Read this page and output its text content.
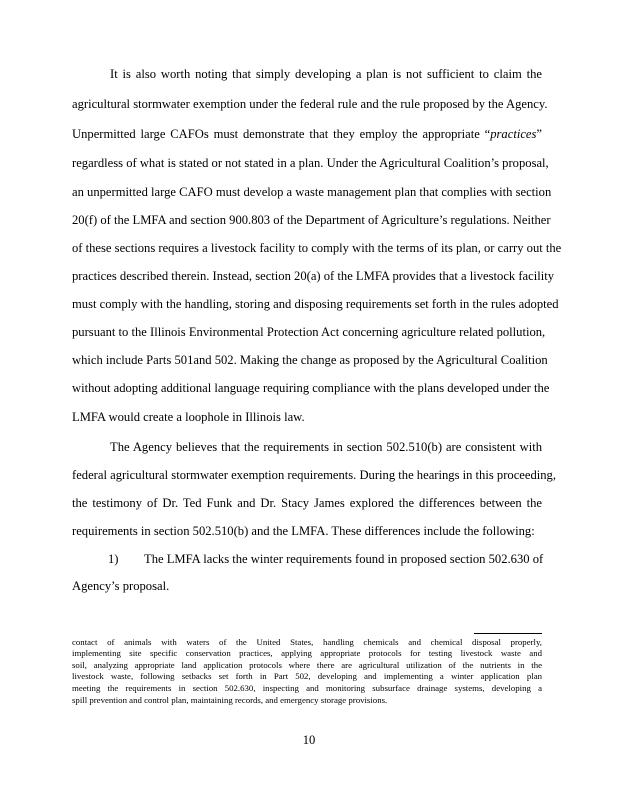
It is also worth noting that simply developing a plan is not sufficient to claim the
agricultural stormwater exemption under the federal rule and the rule proposed by the Agency.
Unpermitted large CAFOs must demonstrate that they employ the appropriate “practices”
regardless of what is stated or not stated in a plan. Under the Agricultural Coalition’s proposal,
an unpermitted large CAFO must develop a waste management plan that complies with section
20(f) of the LMFA and section 900.803 of the Department of Agriculture’s regulations. Neither
of these sections requires a livestock facility to comply with the terms of its plan, or carry out the
practices described therein. Instead, section 20(a) of the LMFA provides that a livestock facility
must comply with the handling, storing and disposing requirements set forth in the rules adopted
pursuant to the Illinois Environmental Protection Act concerning agriculture related pollution,
which include Parts 501and 502. Making the change as proposed by the Agricultural Coalition
without adopting additional language requiring compliance with the plans developed under the
LMFA would create a loophole in Illinois law.
The Agency believes that the requirements in section 502.510(b) are consistent with
federal agricultural stormwater exemption requirements. During the hearings in this proceeding,
the testimony of Dr. Ted Funk and Dr. Stacy James explored the differences between the
requirements in section 502.510(b) and the LMFA. These differences include the following:
1) The LMFA lacks the winter requirements found in proposed section 502.630 of
Agency’s proposal.
contact of animals with waters of the United States, handling chemicals and chemical disposal properly,
implementing site specific conservation practices, applying appropriate protocols for testing livestock waste and
soil, analyzing appropriate land application protocols where there are agricultural utilization of the nutrients in the
livestock waste, following setbacks set forth in Part 502, developing and implementing a winter application plan
meeting the requirements in section 502.630, inspecting and monitoring subsurface drainage systems, developing a
spill prevention and control plan, maintaining records, and emergency storage provisions.
10
